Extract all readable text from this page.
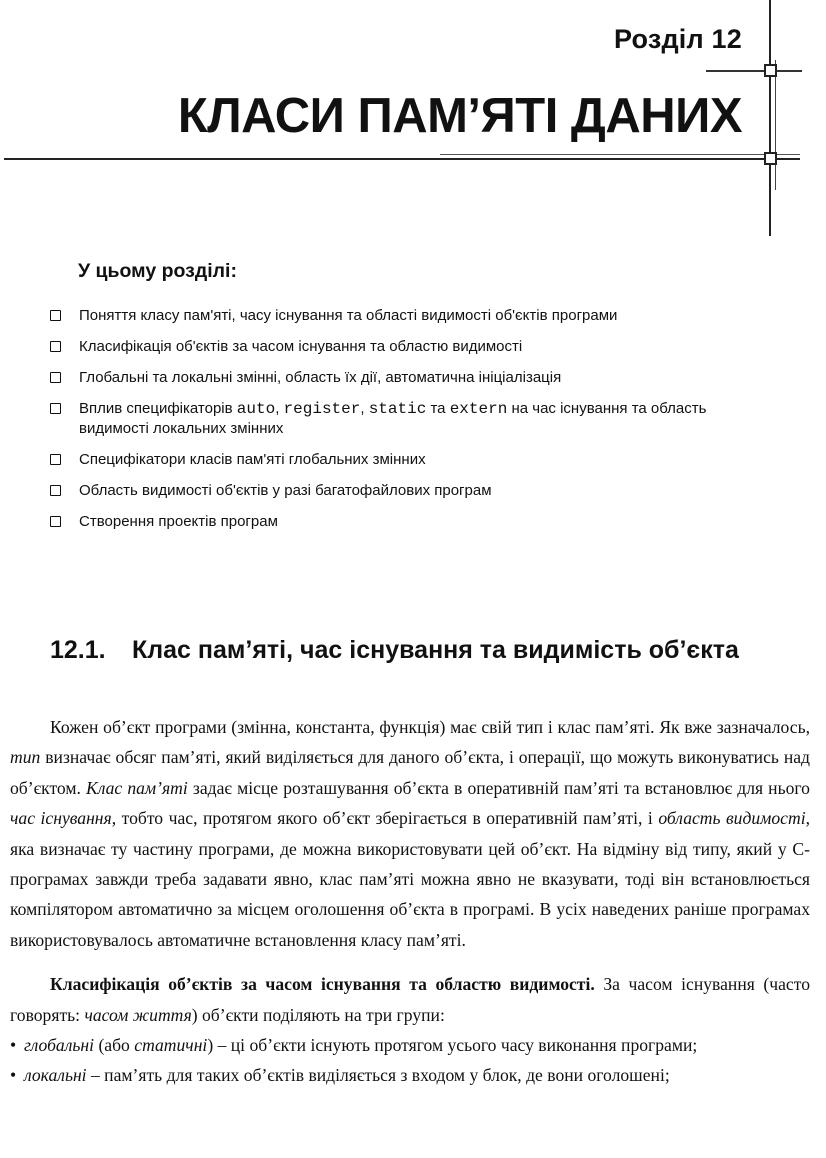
Розділ 12
КЛАСИ ПАМ’ЯТІ ДАНИХ
У цьому розділі:
Поняття класу пам'яті, часу існування та області видимості об'єктів програми
Класифікація об'єктів за часом існування та областю видимості
Глобальні та локальні змінні, область їх дії, автоматична ініціалізація
Вплив специфікаторів auto, register, static та extern на час існування та область видимості локальних змінних
Специфікатори класів пам'яті глобальних змінних
Область видимості об'єктів у разі багатофайлових програм
Створення проектів програм
12.1. Клас пам’яті, час існування та видимість об’єкта

Кожен об’єкт програми (змінна, константа, функція) має свій тип і клас пам’яті. Як вже зазначалось, тип визначає обсяг пам’яті, який виділяється для даного об’єкта, і операції, що можуть виконуватись над об’єктом. Клас пам’яті задає місце розташування об’єкта в оперативній пам’яті та встановлює для нього час існування, тобто час, протягом якого об’єкт зберігається в оперативній пам’яті, і область видимості, яка визначає ту частину програми, де можна використовувати цей об’єкт. На відміну від типу, який у С-програмах завжди треба задавати явно, клас пам’яті можна явно не вказувати, тоді він встановлюється компілятором автоматично за місцем оголошення об’єкта в програмі. В усіх наведених раніше програмах використовувалось автоматичне встановлення класу пам’яті.

Класифікація об’єктів за часом існування та областю видимості. За часом існування (часто говорять: часом життя) об’єкти поділяють на три групи:

• глобальні (або статичні) – ці об’єкти існують протягом усього часу виконання програми;

• локальні – пам’ять для таких об’єктів виділяється з входом у блок, де вони оголошені;
